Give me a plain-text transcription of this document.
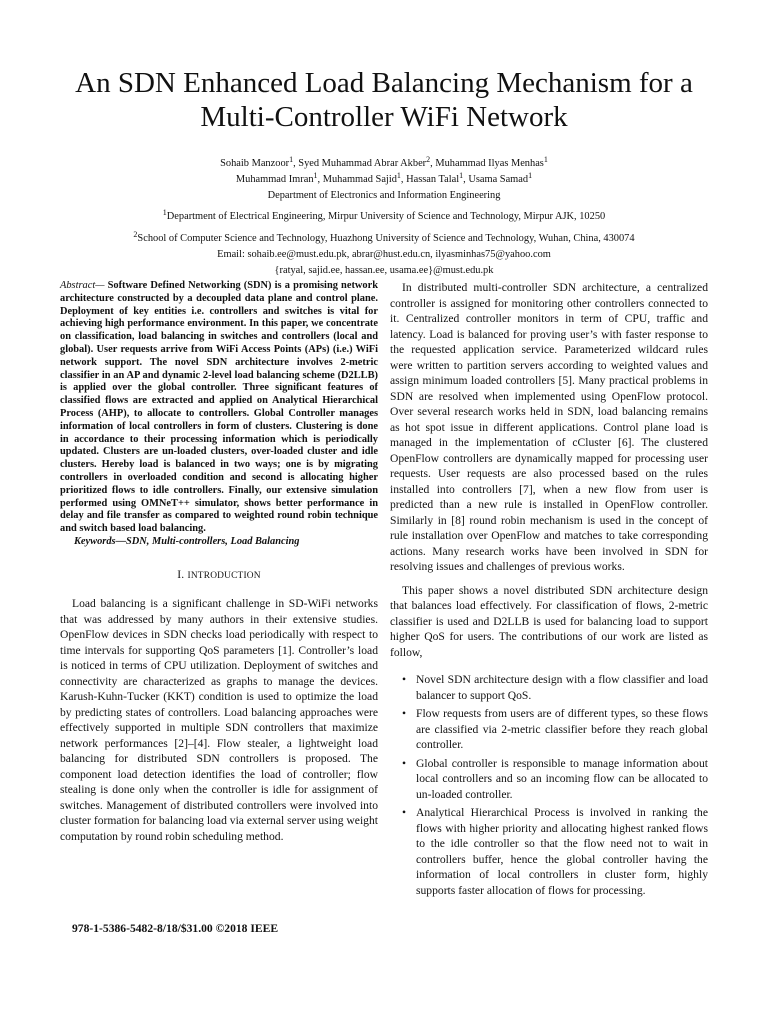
An SDN Enhanced Load Balancing Mechanism for a Multi-Controller WiFi Network
Sohaib Manzoor$^1$, Syed Muhammad Abrar Akber$^2$, Muhammad Ilyas Menhas$^1$
Muhammad Imran$^1$, Muhammad Sajid$^1$, Hassan Talal$^1$, Usama Samad$^1$
Department of Electronics and Information Engineering
$^1$Department of Electrical Engineering, Mirpur University of Science and Technology, Mirpur AJK, 10250
$^2$School of Computer Science and Technology, Huazhong University of Science and Technology, Wuhan, China, 430074
Email: sohaib.ee@must.edu.pk, abrar@hust.edu.cn, ilyasminhas75@yahoo.com
{ratyal, sajid.ee, hassan.ee, usama.ee}@must.edu.pk

Abstract— Software Defined Networking (SDN) is a promising network architecture constructed by a decoupled data plane and control plane. Deployment of key entities i.e. controllers and switches is vital for achieving high performance environment. In this paper, we concentrate on classification, load balancing in switches and controllers (local and global). User requests arrive from WiFi Access Points (APs) (i.e.) WiFi network support. The novel SDN architecture involves 2-metric classifier in an AP and dynamic 2-level load balancing scheme (D2LLB) is applied over the global controller. Three significant features of classified flows are extracted and applied on Analytical Hierarchical Process (AHP), to allocate to controllers. Global Controller manages information of local controllers in form of clusters. Clustering is done in accordance to their processing information which is periodically updated. Clusters are un-loaded clusters, over-loaded cluster and idle clusters. Hereby load is balanced in two ways; one is by migrating controllers in overloaded condition and second is allocating higher prioritized flows to idle controllers. Finally, our extensive simulation performed using OMNeT++ simulator, shows better performance in delay and file transfer as compared to weighted round robin technique and switch based load balancing.

Keywords—SDN, Multi-controllers, Load Balancing

I. INTRODUCTION

Load balancing is a significant challenge in SD-WiFi networks that was addressed by many authors in their extensive studies. OpenFlow devices in SDN checks load periodically with respect to time intervals for supporting QoS parameters [1]. Controller’s load is noticed in terms of CPU utilization. Deployment of switches and connectivity are characterized as graphs to manage the devices. Karush-Kuhn-Tucker (KKT) condition is used to optimize the load by predicting states of controllers. Load balancing approaches were effectively supported in multiple SDN controllers that maximize network performances [2]–[4]. Flow stealer, a lightweight load balancing for distributed SDN controllers is proposed. The component load detection identifies the load of controller; flow stealing is done only when the controller is idle for assignment of switches. Management of distributed controllers were involved into cluster formation for balancing load via external server using weight computation by round robin scheduling method.

In distributed multi-controller SDN architecture, a centralized controller is assigned for monitoring other controllers connected to it. Centralized controller monitors in term of CPU, traffic and latency. Load is balanced for proving user’s with faster response to the requested application service. Parameterized wildcard rules were written to partition servers according to weighted values and assign minimum loaded controllers [5]. Many practical problems in SDN are resolved when implemented using OpenFlow protocol. Over several research works held in SDN, load balancing remains as hot spot issue in different applications. Control plane load is managed in the implementation of cCluster [6]. The clustered OpenFlow controllers are dynamically mapped for processing user requests. User requests are also processed based on the rules installed into controllers [7], when a new flow from user is predicted than a new rule is installed in OpenFlow controller. Similarly in [8] round robin mechanism is used in the concept of rule installation over OpenFlow and matches to take corresponding actions. Many research works have been involved in SDN for resolving issues and challenges of previous works.

This paper shows a novel distributed SDN architecture design that balances load effectively. For classification of flows, 2-metric classifier is used and D2LLB is used for balancing load to support higher QoS for users. The contributions of our work are listed as follow,

• Novel SDN architecture design with a flow classifier and load balancer to support QoS.
• Flow requests from users are of different types, so these flows are classified via 2-metric classifier before they reach global controller.
• Global controller is responsible to manage information about local controllers and so an incoming flow can be allocated to un-loaded controller.
• Analytical Hierarchical Process is involved in ranking the flows with higher priority and allocating highest ranked flows to the idle controller so that the flow need not to wait in controllers buffer, hence the global controller having the information of local controllers in cluster form, highly supports faster allocation of flows for processing.
978-1-5386-5482-8/18/$31.00 ©2018 IEEE
